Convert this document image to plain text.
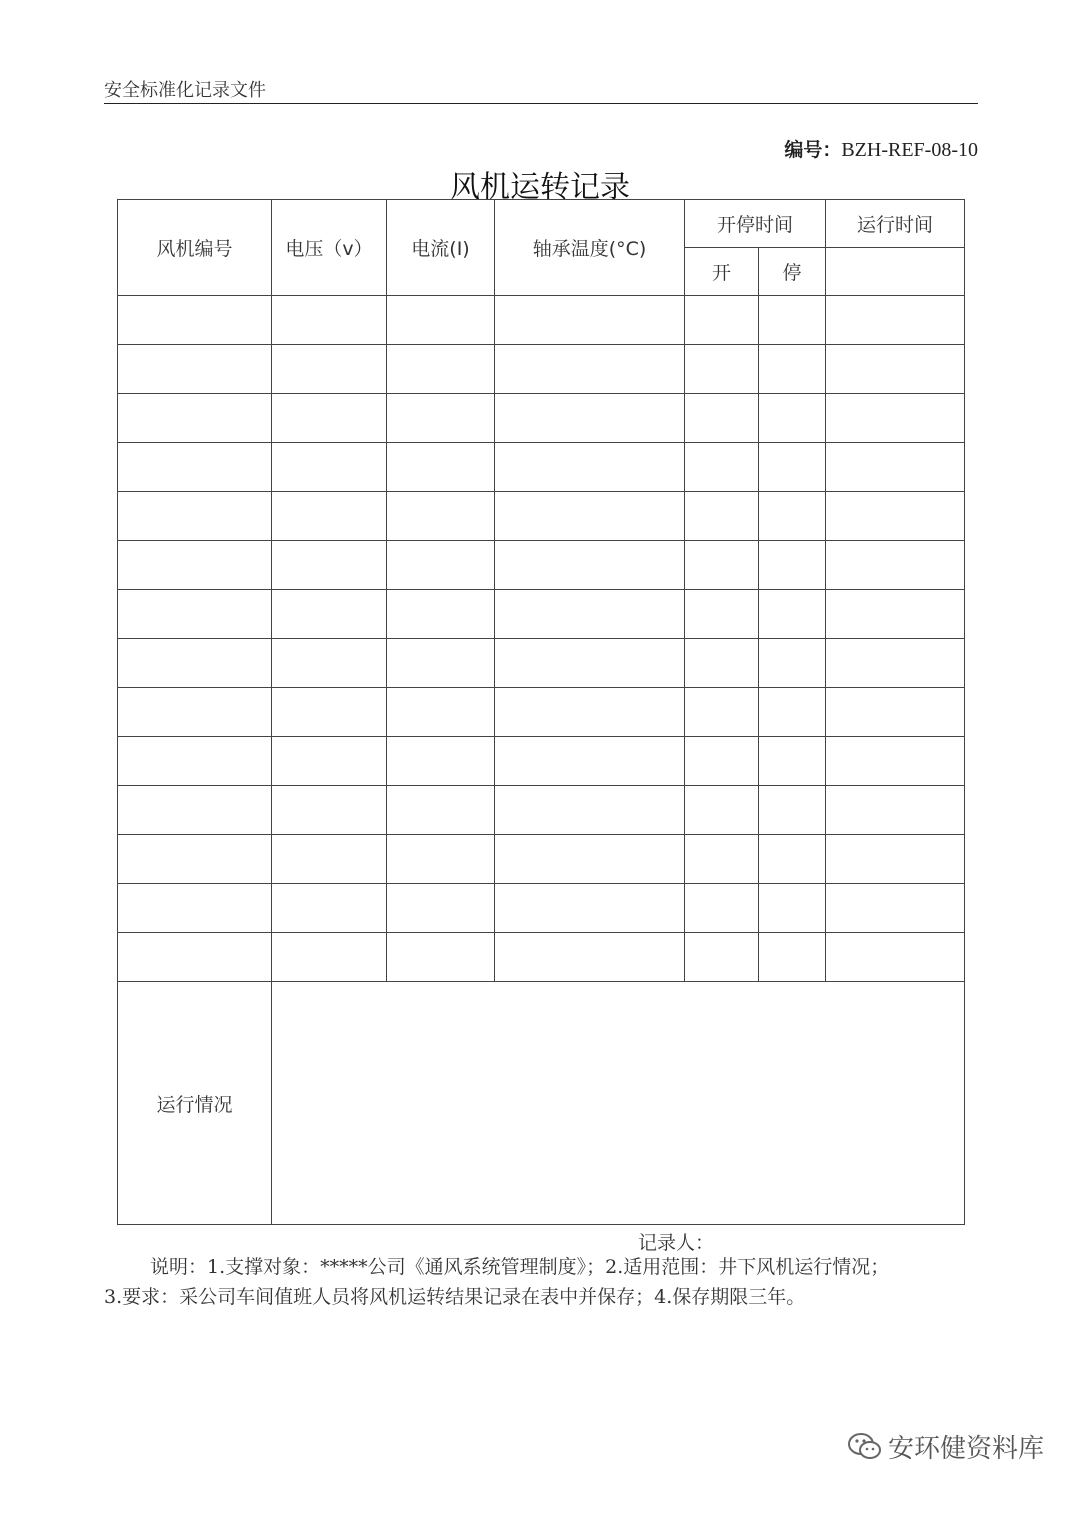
安全标准化记录文件
编号：BZH-REF-08-10
风机运转记录
风机编号	电压（v）	电流(I)	轴承温度(°C)	开停时间		运行时间
				开	停	

运行情况						
记录人：

说明：1.支撑对象：*****公司《通风系统管理制度》；2.适用范围：井下风机运行情况；

3.要求：采公司车间值班人员将风机运转结果记录在表中并保存；4.保存期限三年。

安环健资料库
